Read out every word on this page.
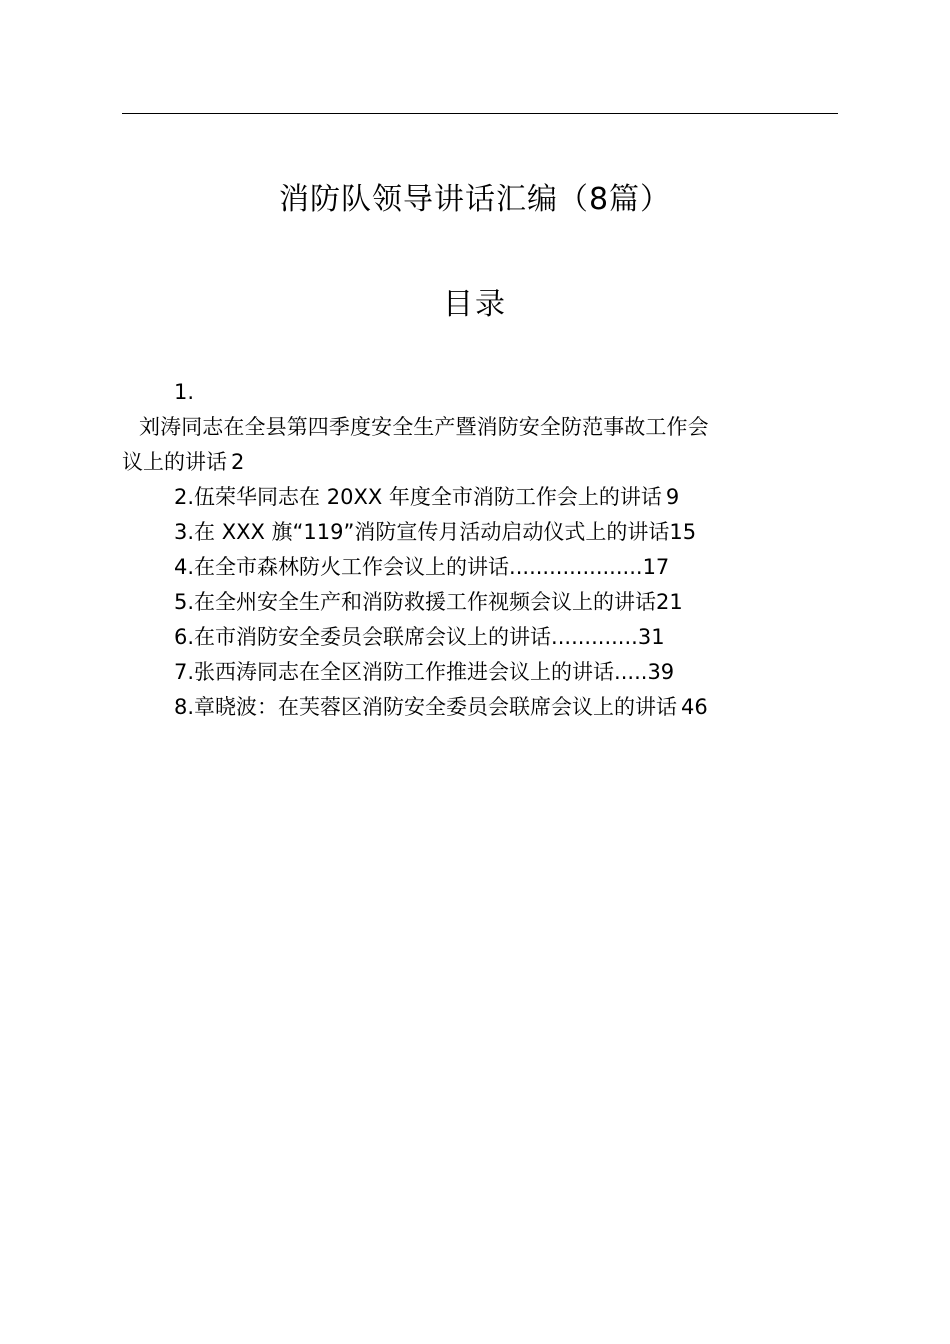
消防队领导讲话汇编（8篇）
目录
1.
刘涛同志在全县第四季度安全生产暨消防安全防范事故工作会
议上的讲话 2
2.伍荣华同志在 20XX 年度全市消防工作会上的讲话 9
3.在 XXX 旗“119”消防宣传月活动启动仪式上的讲话15
4.在全市森林防火工作会议上的讲话....................17
5.在全州安全生产和消防救援工作视频会议上的讲话21
6.在市消防安全委员会联席会议上的讲话.............31
7.张西涛同志在全区消防工作推进会议上的讲话.....39
8.章晓波：在芙蓉区消防安全委员会联席会议上的讲话 46
